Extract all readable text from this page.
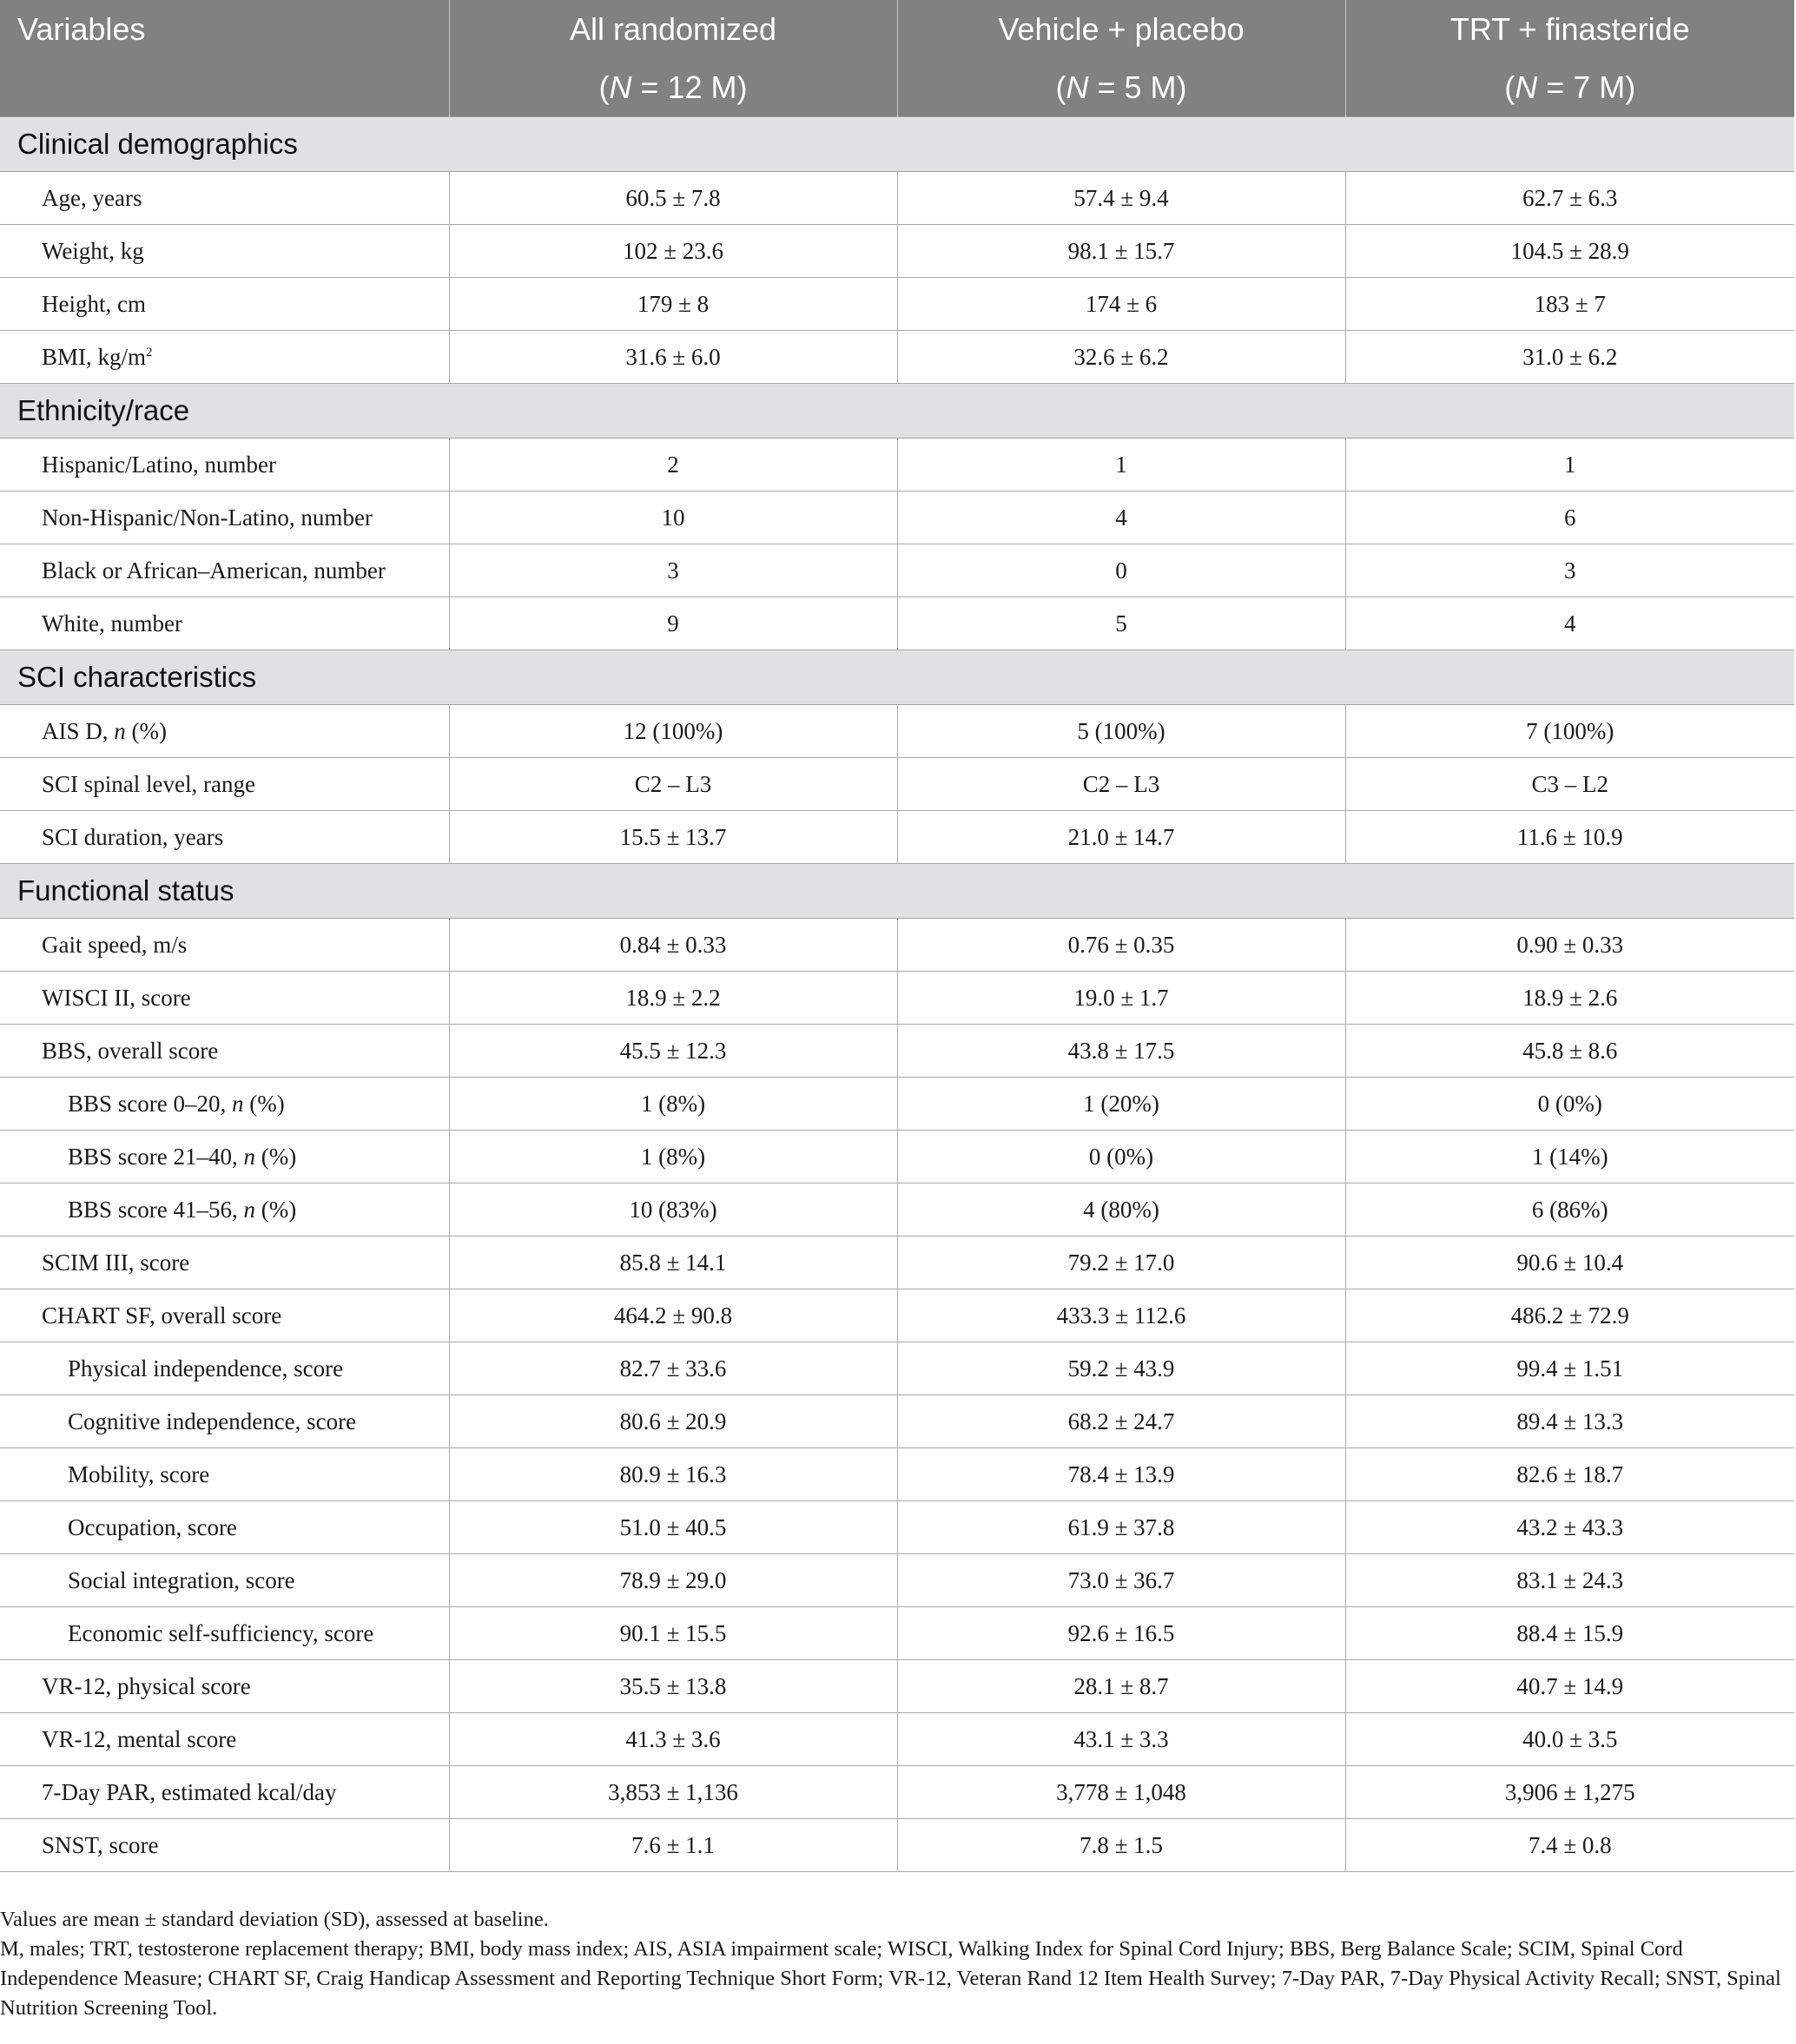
Variables	All randomized	Vehicle + placebo	TRT + finasteride
	(N = 12 M)	(N = 5 M)	(N = 7 M)
Clinical demographics			
Age, years	60.5 ± 7.8	57.4 ± 9.4	62.7 ± 6.3
Weight, kg	102 ± 23.6	98.1 ± 15.7	104.5 ± 28.9
Height, cm	179 ± 8	174 ± 6	183 ± 7
BMI, $kg/m^2$	31.6 ± 6.0	32.6 ± 6.2	31.0 ± 6.2
Ethnicity/race			
Hispanic/Latino, number	2	1	1
Non-Hispanic/Non-Latino, number	10	4	6
Black or African–American, number	3	0	3
White, number	9	5	4
SCI characteristics			
AIS D, n (%)	12 (100%)	5 (100%)	7 (100%)
SCI spinal level, range	C2 – L3	C2 – L3	C3 – L2
SCI duration, years	15.5 ± 13.7	21.0 ± 14.7	11.6 ± 10.9
Functional status			
Gait speed, m/s	0.84 ± 0.33	0.76 ± 0.35	0.90 ± 0.33
WISCI II, score	18.9 ± 2.2	19.0 ± 1.7	18.9 ± 2.6
BBS, overall score	45.5 ± 12.3	43.8 ± 17.5	45.8 ± 8.6
BBS score 0–20, n (%)	1 (8%)	1 (20%)	0 (0%)
BBS score 21–40, n (%)	1 (8%)	0 (0%)	1 (14%)
BBS score 41–56, n (%)	10 (83%)	4 (80%)	6 (86%)
SCIM III, score	85.8 ± 14.1	79.2 ± 17.0	90.6 ± 10.4
CHART SF, overall score	464.2 ± 90.8	433.3 ± 112.6	486.2 ± 72.9
Physical independence, score	82.7 ± 33.6	59.2 ± 43.9	99.4 ± 1.51
Cognitive independence, score	80.6 ± 20.9	68.2 ± 24.7	89.4 ± 13.3
Mobility, score	80.9 ± 16.3	78.4 ± 13.9	82.6 ± 18.7
Occupation, score	51.0 ± 40.5	61.9 ± 37.8	43.2 ± 43.3
Social integration, score	78.9 ± 29.0	73.0 ± 36.7	83.1 ± 24.3
Economic self-sufficiency, score	90.1 ± 15.5	92.6 ± 16.5	88.4 ± 15.9
VR-12, physical score	35.5 ± 13.8	28.1 ± 8.7	40.7 ± 14.9
VR-12, mental score	41.3 ± 3.6	43.1 ± 3.3	40.0 ± 3.5
7-Day PAR, estimated kcal/day	3,853 ± 1,136	3,778 ± 1,048	3,906 ± 1,275
SNST, score	7.6 ± 1.1	7.8 ± 1.5	7.4 ± 0.8

Values are mean ± standard deviation (SD), assessed at baseline.

M, males; TRT, testosterone replacement therapy; BMI, body mass index; AIS, ASIA impairment scale; WISCI, Walking Index for Spinal Cord Injury; BBS, Berg Balance Scale; SCIM, Spinal Cord Independence Measure; CHART SF, Craig Handicap Assessment and Reporting Technique Short Form; VR-12, Veteran Rand 12 Item Health Survey; 7-Day PAR, 7-Day Physical Activity Recall; SNST, Spinal Nutrition Screening Tool.
